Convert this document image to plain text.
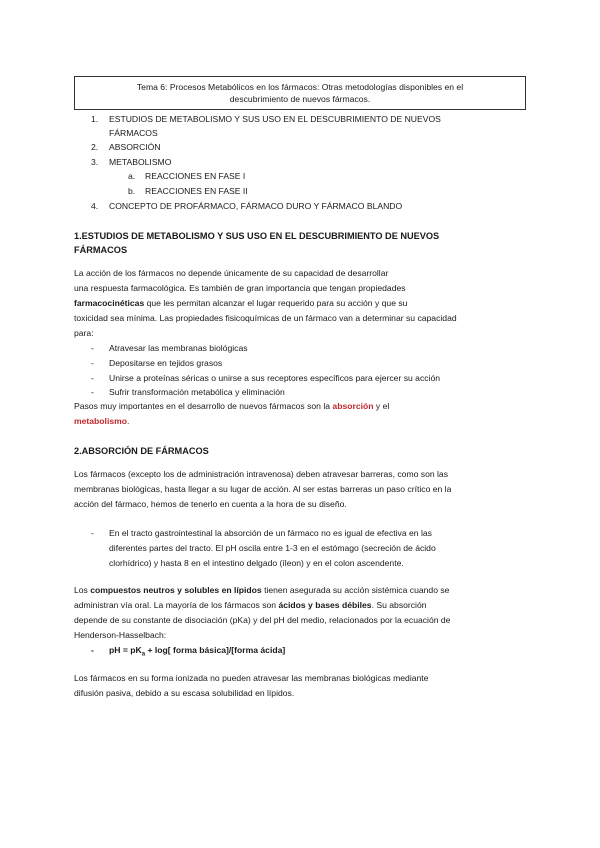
Tema 6: Procesos Metabólicos en los fármacos: Otras metodologías disponibles en el
descubrimiento de nuevos fármacos.
1. ESTUDIOS DE METABOLISMO Y SUS USO EN EL DESCUBRIMIENTO DE NUEVOS
FÁRMACOS
2. ABSORCIÓN
3. METABOLISMO
a. REACCIONES EN FASE I
b. REACCIONES EN FASE II
4. CONCEPTO DE PROFÁRMACO, FÁRMACO DURO Y FÁRMACO BLANDO
1.ESTUDIOS DE METABOLISMO Y SUS USO EN EL DESCUBRIMIENTO DE NUEVOS
FÁRMACOS
La acción de los fármacos no depende únicamente de su capacidad de desarrollar
una respuesta farmacológica. Es también de gran importancia que tengan propiedades
farmacocinéticas que les permitan alcanzar el lugar requerido para su acción y que su
toxicidad sea mínima. Las propiedades fisicoquímicas de un fármaco van a determinar su capacidad
para:
- Atravesar las membranas biológicas
- Depositarse en tejidos grasos
- Unirse a proteínas séricas o unirse a sus receptores específicos para ejercer su acción
- Sufrir transformación metabólica y eliminación
Pasos muy importantes en el desarrollo de nuevos fármacos son la absorción y el
metabolismo.
2.ABSORCIÓN DE FÁRMACOS
Los fármacos (excepto los de administración intravenosa) deben atravesar barreras, como son las
membranas biológicas, hasta llegar a su lugar de acción. Al ser estas barreras un paso crítico en la
acción del fármaco, hemos de tenerlo en cuenta a la hora de su diseño.
- En el tracto gastrointestinal la absorción de un fármaco no es igual de efectiva en las
diferentes partes del tracto. El pH oscila entre 1-3 en el estómago (secreción de ácido
clorhídrico) y hasta 8 en el intestino delgado (íleon) y en el colon ascendente.
Los compuestos neutros y solubles en lípidos tienen asegurada su acción sistémica cuando se
administran vía oral. La mayoría de los fármacos son ácidos y bases débiles. Su absorción
depende de su constante de disociación (pKa) y del pH del medio, relacionados por la ecuación de
Henderson-Hasselbach:
- pH = $pK_a + \log$[ forma básica]/[forma ácida]
Los fármacos en su forma ionizada no pueden atravesar las membranas biológicas mediante
difusión pasiva, debido a su escasa solubilidad en lípidos.
